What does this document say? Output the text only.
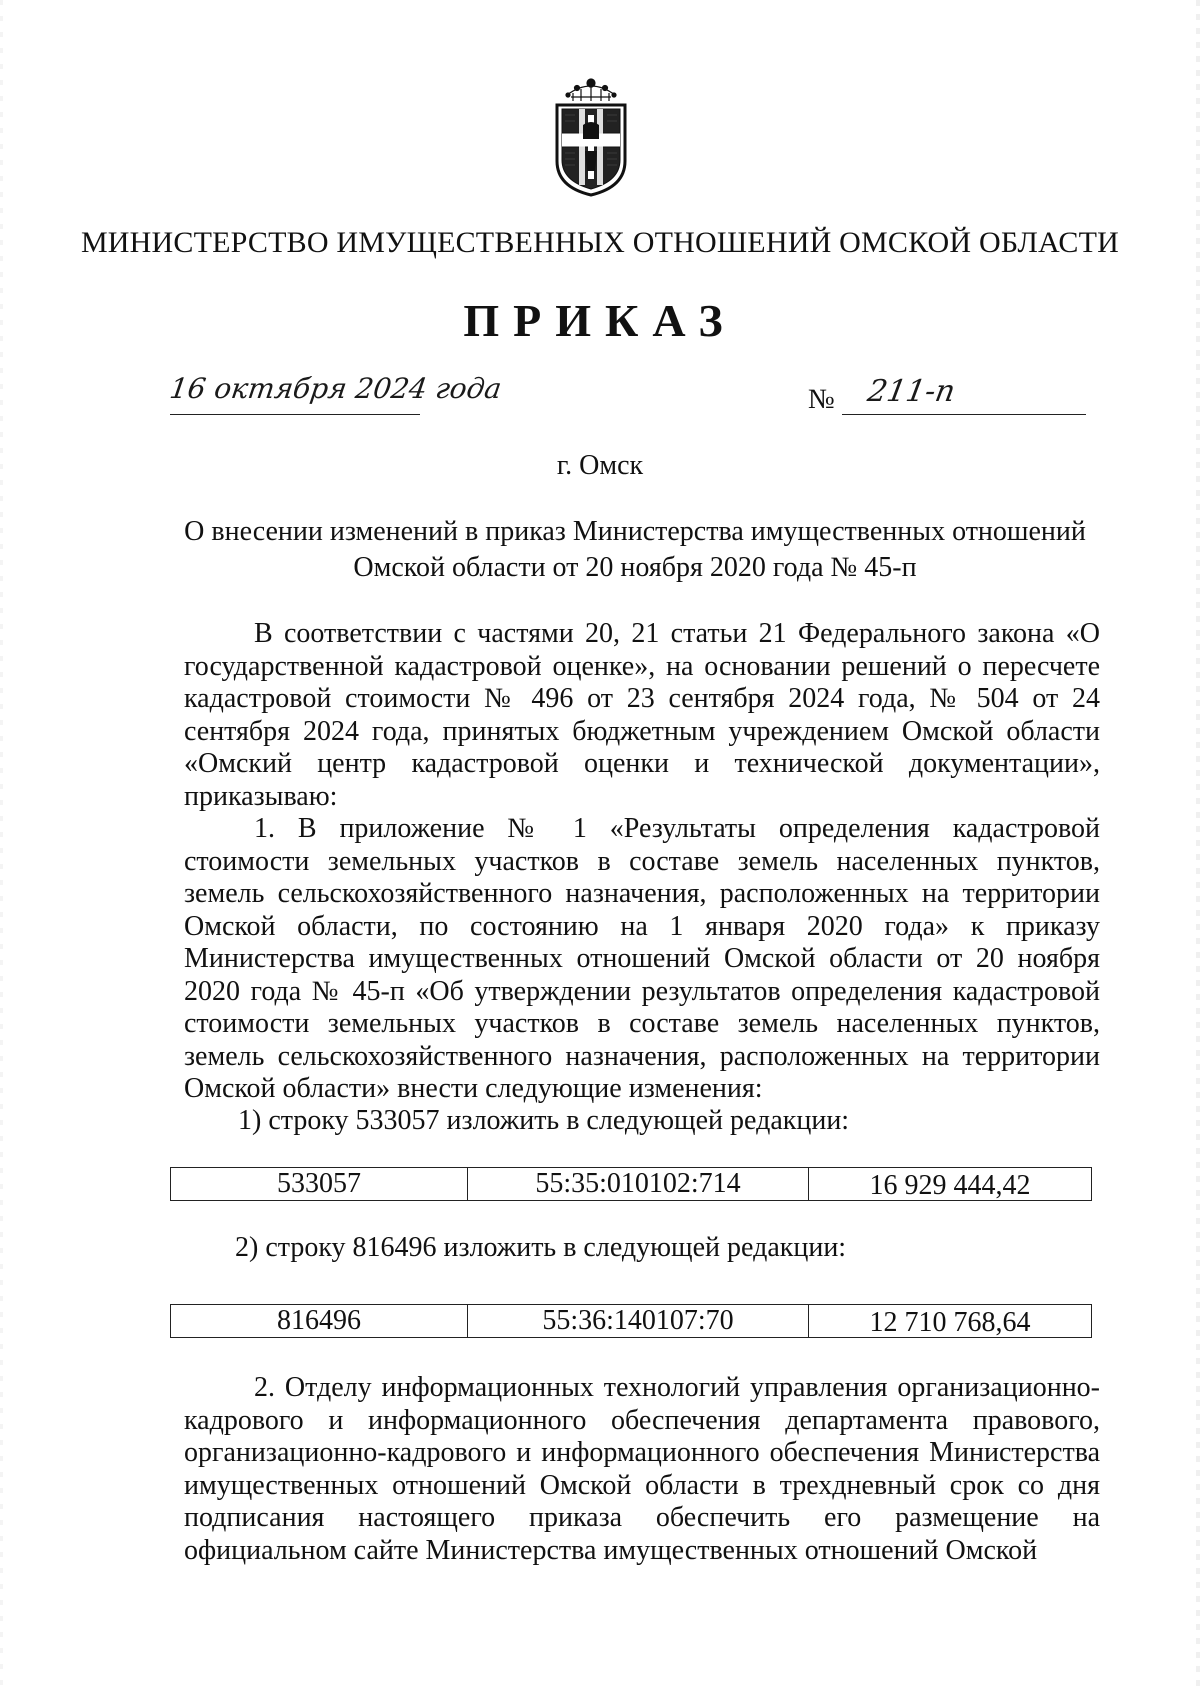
МИНИСТЕРСТВО ИМУЩЕСТВЕННЫХ ОТНОШЕНИЙ ОМСКОЙ ОБЛАСТИ
ПРИКАЗ
16 октября 2024 года	№ 211-п
г. Омск
О внесении изменений в приказ Министерства имущественных отношений
Омской области от 20 ноября 2020 года № 45-п

В соответствии с частями 20, 21 статьи 21 Федерального закона «О государственной кадастровой оценке», на основании решений о пересчете кадастровой стоимости № 496 от 23 сентября 2024 года, № 504 от 24 сентября 2024 года, принятых бюджетным учреждением Омской области «Омский центр кадастровой оценки и технической документации», приказываю:

1. В приложение № 1 «Результаты определения кадастровой стоимости земельных участков в составе земель населенных пунктов, земель сельскохозяйственного назначения, расположенных на территории Омской области, по состоянию на 1 января 2020 года» к приказу Министерства имущественных отношений Омской области от 20 ноября 2020 года № 45-п «Об утверждении результатов определения кадастровой стоимости земельных участков в составе земель населенных пунктов, земель сельскохозяйственного назначения, расположенных на территории Омской области» внести следующие изменения:

1) строку 533057 изложить в следующей редакции:

533057	55:35:010102:714	16 929 444,42

2) строку 816496 изложить в следующей редакции:

816496	55:36:140107:70	12 710 768,64

2. Отделу информационных технологий управления организационно-кадрового и информационного обеспечения департамента правового, организационно-кадрового и информационного обеспечения Министерства имущественных отношений Омской области в трехдневный срок со дня подписания настоящего приказа обеспечить его размещение на официальном сайте Министерства имущественных отношений Омской
